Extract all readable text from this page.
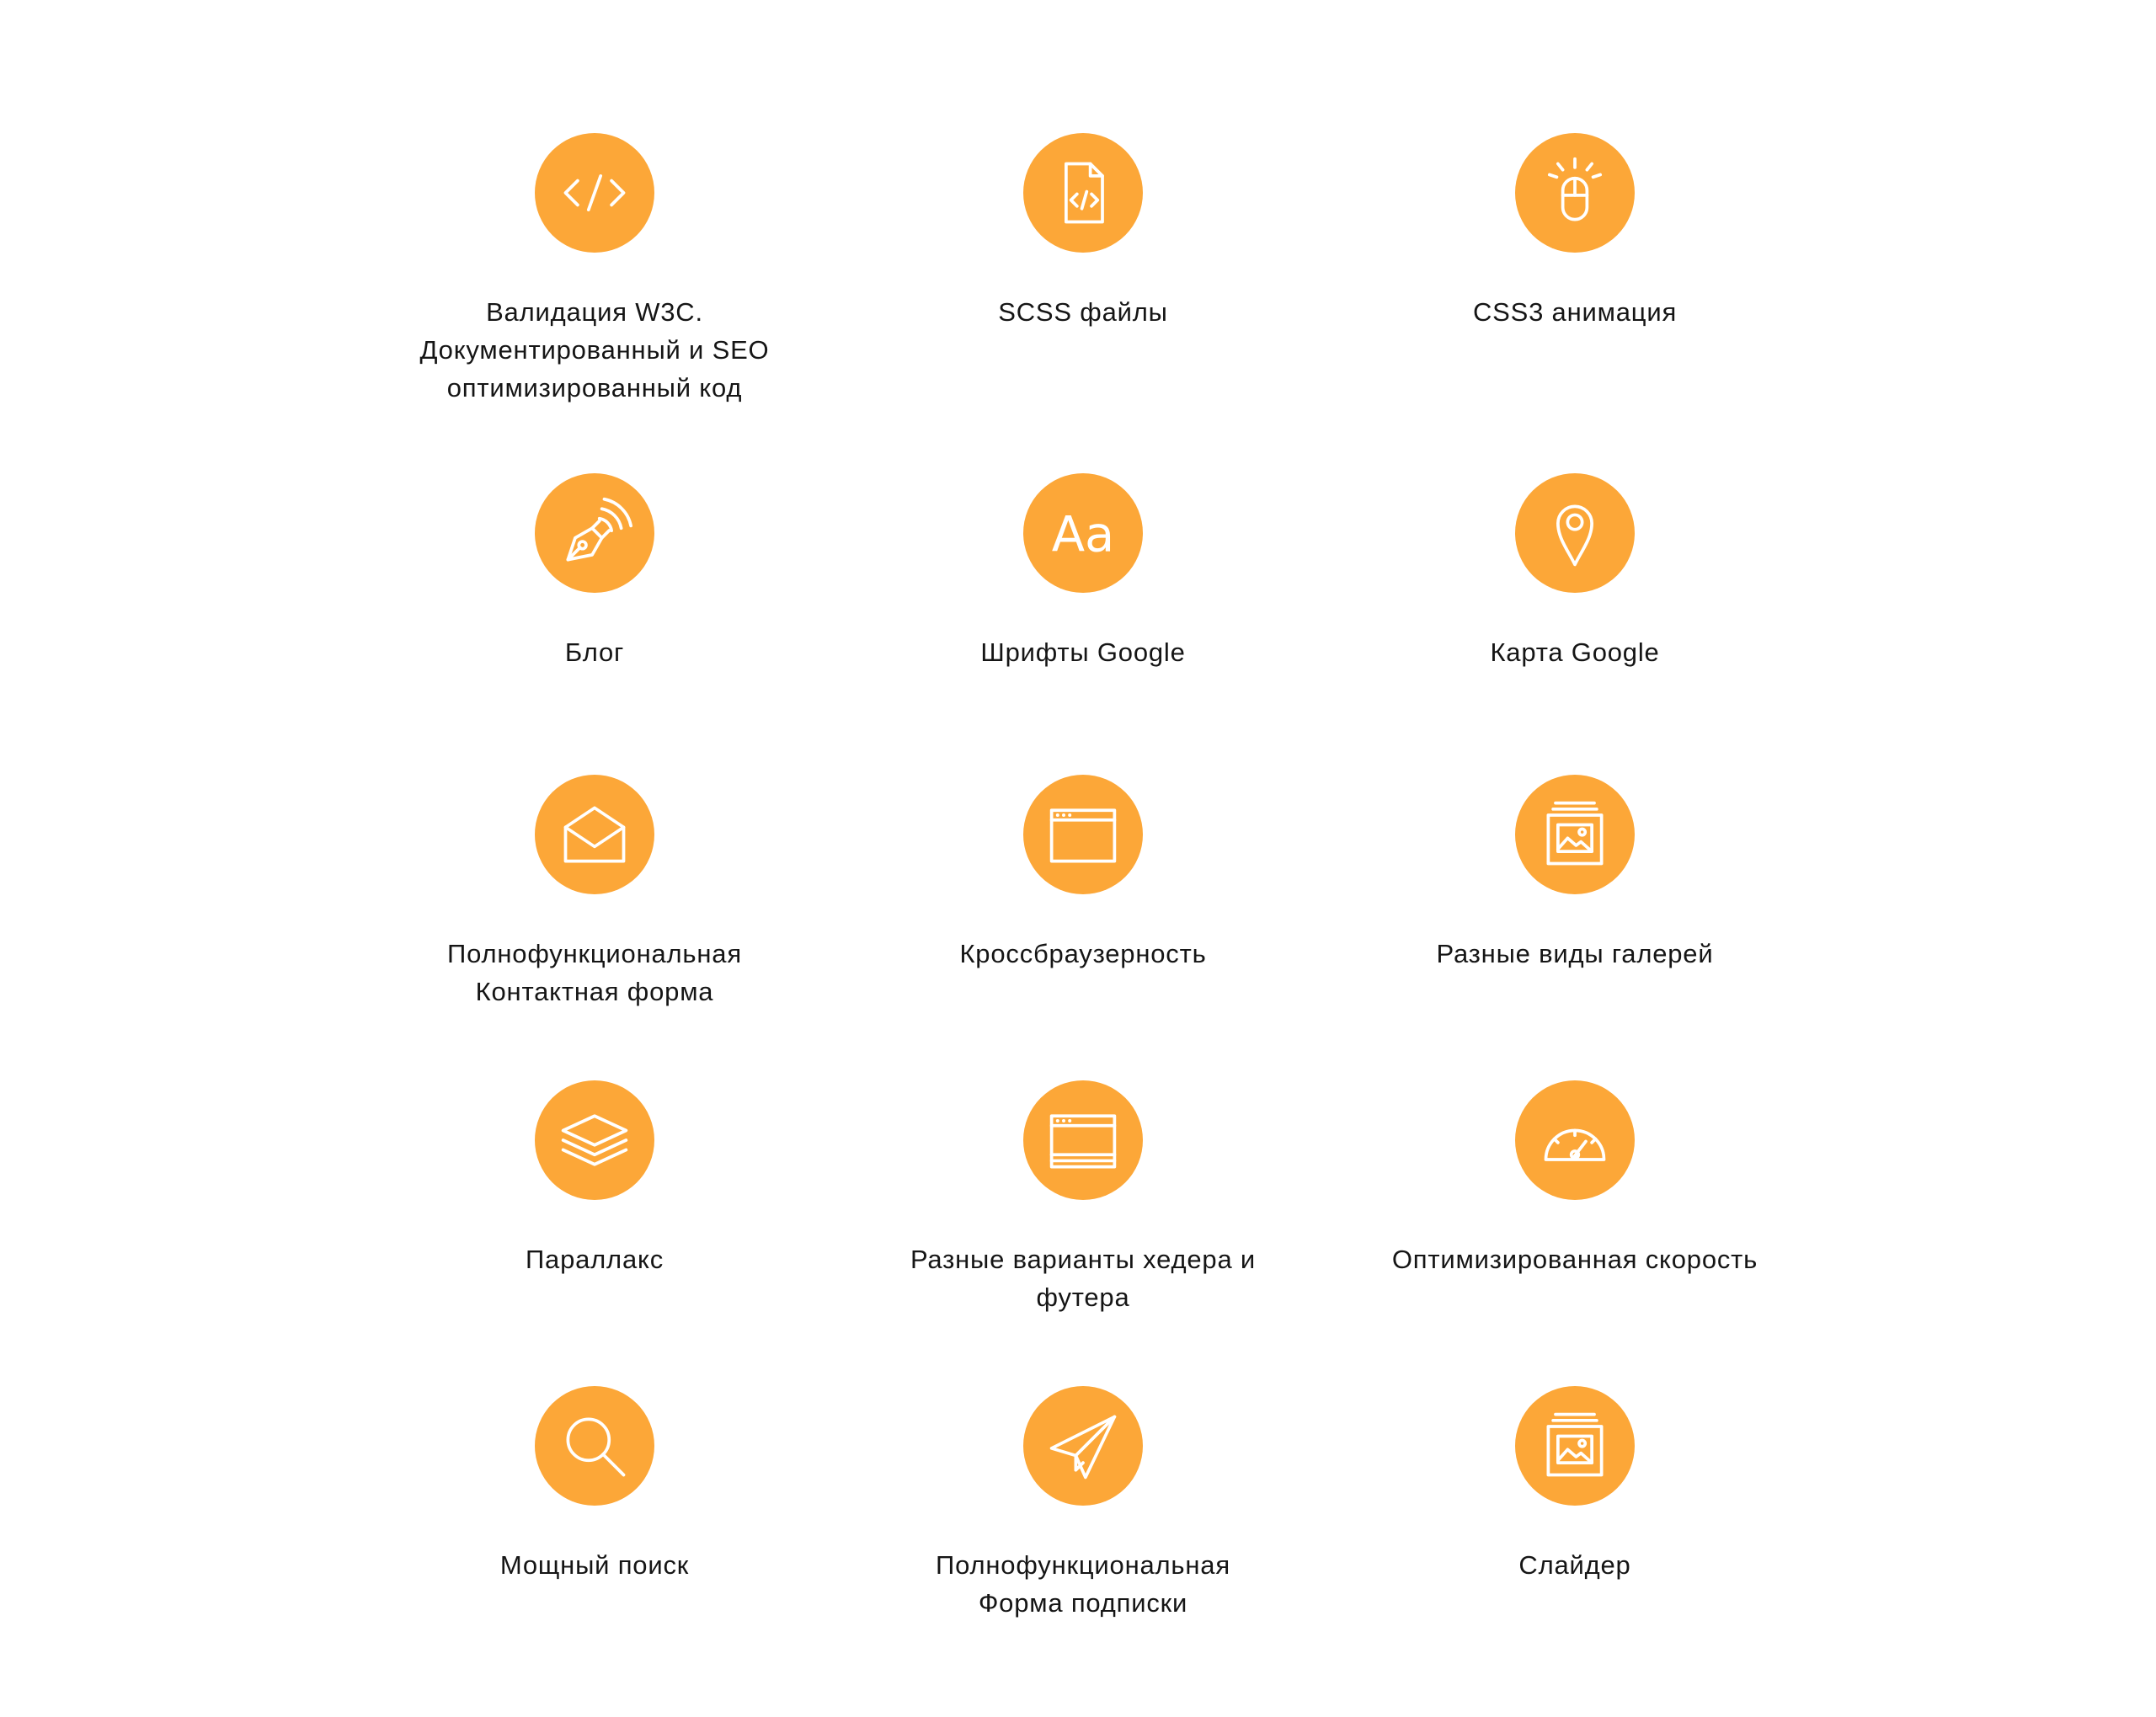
Валидация W3C.
Документированный и SEO
оптимизированный код
SCSS файлы	CSS3 анимация
Блог
Aa
Шрифты Google	Карта Google
Полнофункциональная
Контактная форма
Кроссбраузерность	Разные виды галерей
Параллакс	Разные варианты хедера и
футера
Оптимизированная скорость
Мощный поиск	Полнофункциональная
Форма подписки
Слайдер
